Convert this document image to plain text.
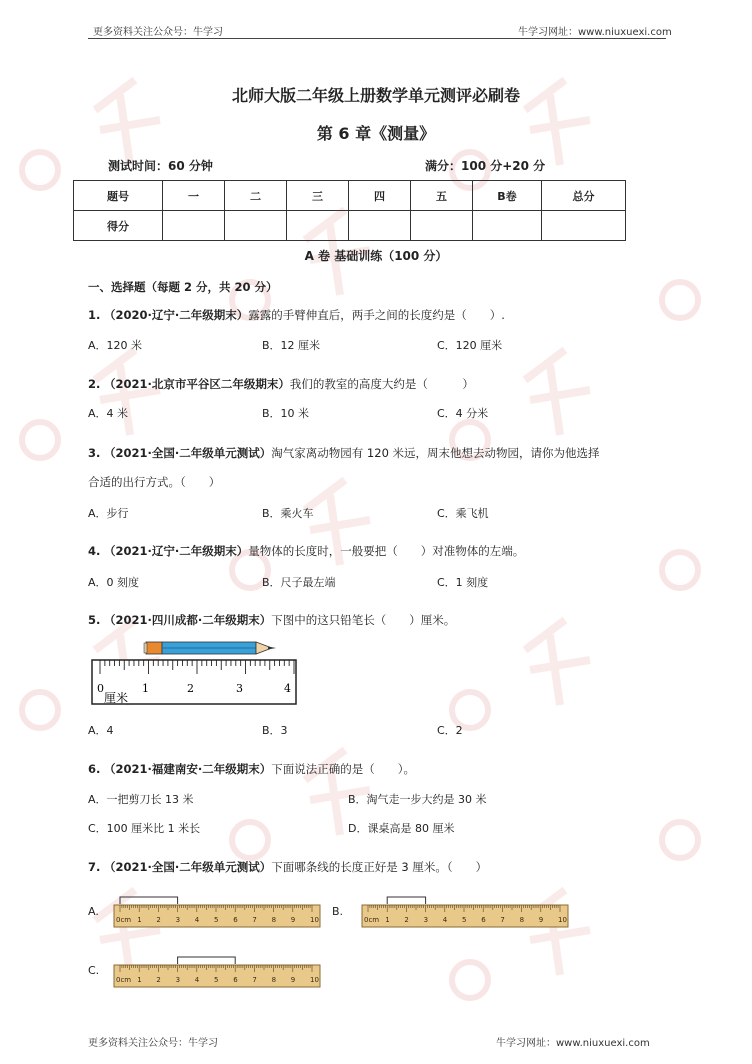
更多资料关注公众号：牛学习	牛学习网址：www.niuxuexi.com
北师大版二年级上册数学单元测评必刷卷
第 6 章《测量》
测试时间：60 分钟	满分：100 分+20 分
题号	一	二	三	四	五	B卷	总分
得分							
A 卷 基础训练（100 分）
一、选择题（每题 2 分，共 20 分）
1. （2020·辽宁·二年级期末）露露的手臂伸直后，两手之间的长度约是（　　）.
A．120 米	B．12 厘米	C．120 厘米
2. （2021·北京市平谷区二年级期末）我们的教室的高度大约是（　　　）
A．4 米	B．10 米	C．4 分米
3. （2021·全国·二年级单元测试）淘气家离动物园有 120 米远，周末他想去动物园，请你为他选择
合适的出行方式。（　　）
A．步行	B．乘火车	C．乘飞机
4. （2021·辽宁·二年级期末）量物体的长度时，一般要把（　　）对准物体的左端。
A．0 刻度	B．尺子最左端	C．1 刻度
5. （2021·四川成都·二年级期末）下图中的这只铅笔长（　　）厘米。
0	1	2	3	4
厘米
A．4	B．3	C．2
6. （2021·福建南安·二年级期末）下面说法正确的是（　　）。
A．一把剪刀长 13 米	B．淘气走一步大约是 30 米
C．100 厘米比 1 米长	D．课桌高是 80 厘米
7. （2021·全国·二年级单元测试）下面哪条线的长度正好是 3 厘米。（　　）
A.
0cm 1 2 3 4 5 6 7 8 9 10
B.
0cm 1 2 3 4 5 6 7 8 9 10
C.
0cm 1 2 3 4 5 6 7 8 9 10
更多资料关注公众号：牛学习	牛学习网址：www.niuxuexi.com
